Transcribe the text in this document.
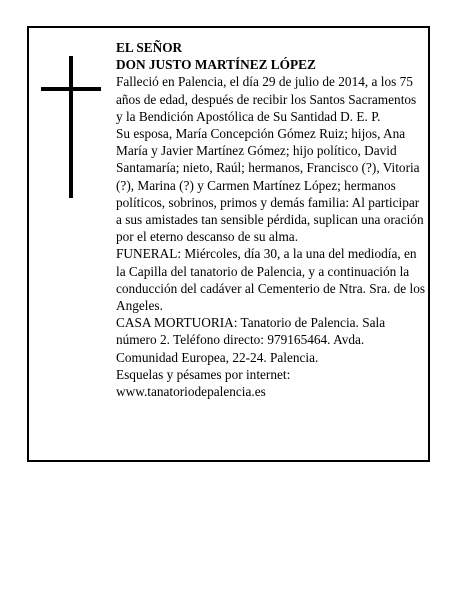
EL SEÑOR

DON JUSTO MARTÍNEZ LÓPEZ

Falleció en Palencia, el día 29 de julio de 2014, a los 75 años de edad, después de recibir los Santos Sacramentos y la Bendición Apostólica de Su Santidad D. E. P.

Su esposa, María Concepción Gómez Ruiz; hijos, Ana María y Javier Martínez Gómez; hijo político, David Santamaría; nieto, Raúl; hermanos, Francisco (?), Vitoria (?), Marina (?) y Carmen Martínez López; hermanos políticos, sobrinos, primos y demás familia: Al participar a sus amistades tan sensible pérdida, suplican una oración por el eterno descanso de su alma.

FUNERAL: Miércoles, día 30, a la una del mediodía, en la Capilla del tanatorio de Palencia, y a continuación la conducción del cadáver al Cementerio de Ntra. Sra. de los Angeles.

CASA MORTUORIA: Tanatorio de Palencia. Sala número 2. Teléfono directo: 979165464. Avda. Comunidad Europea, 22-24. Palencia.

Esquelas y pésames por internet: www.tanatoriodepalencia.es
